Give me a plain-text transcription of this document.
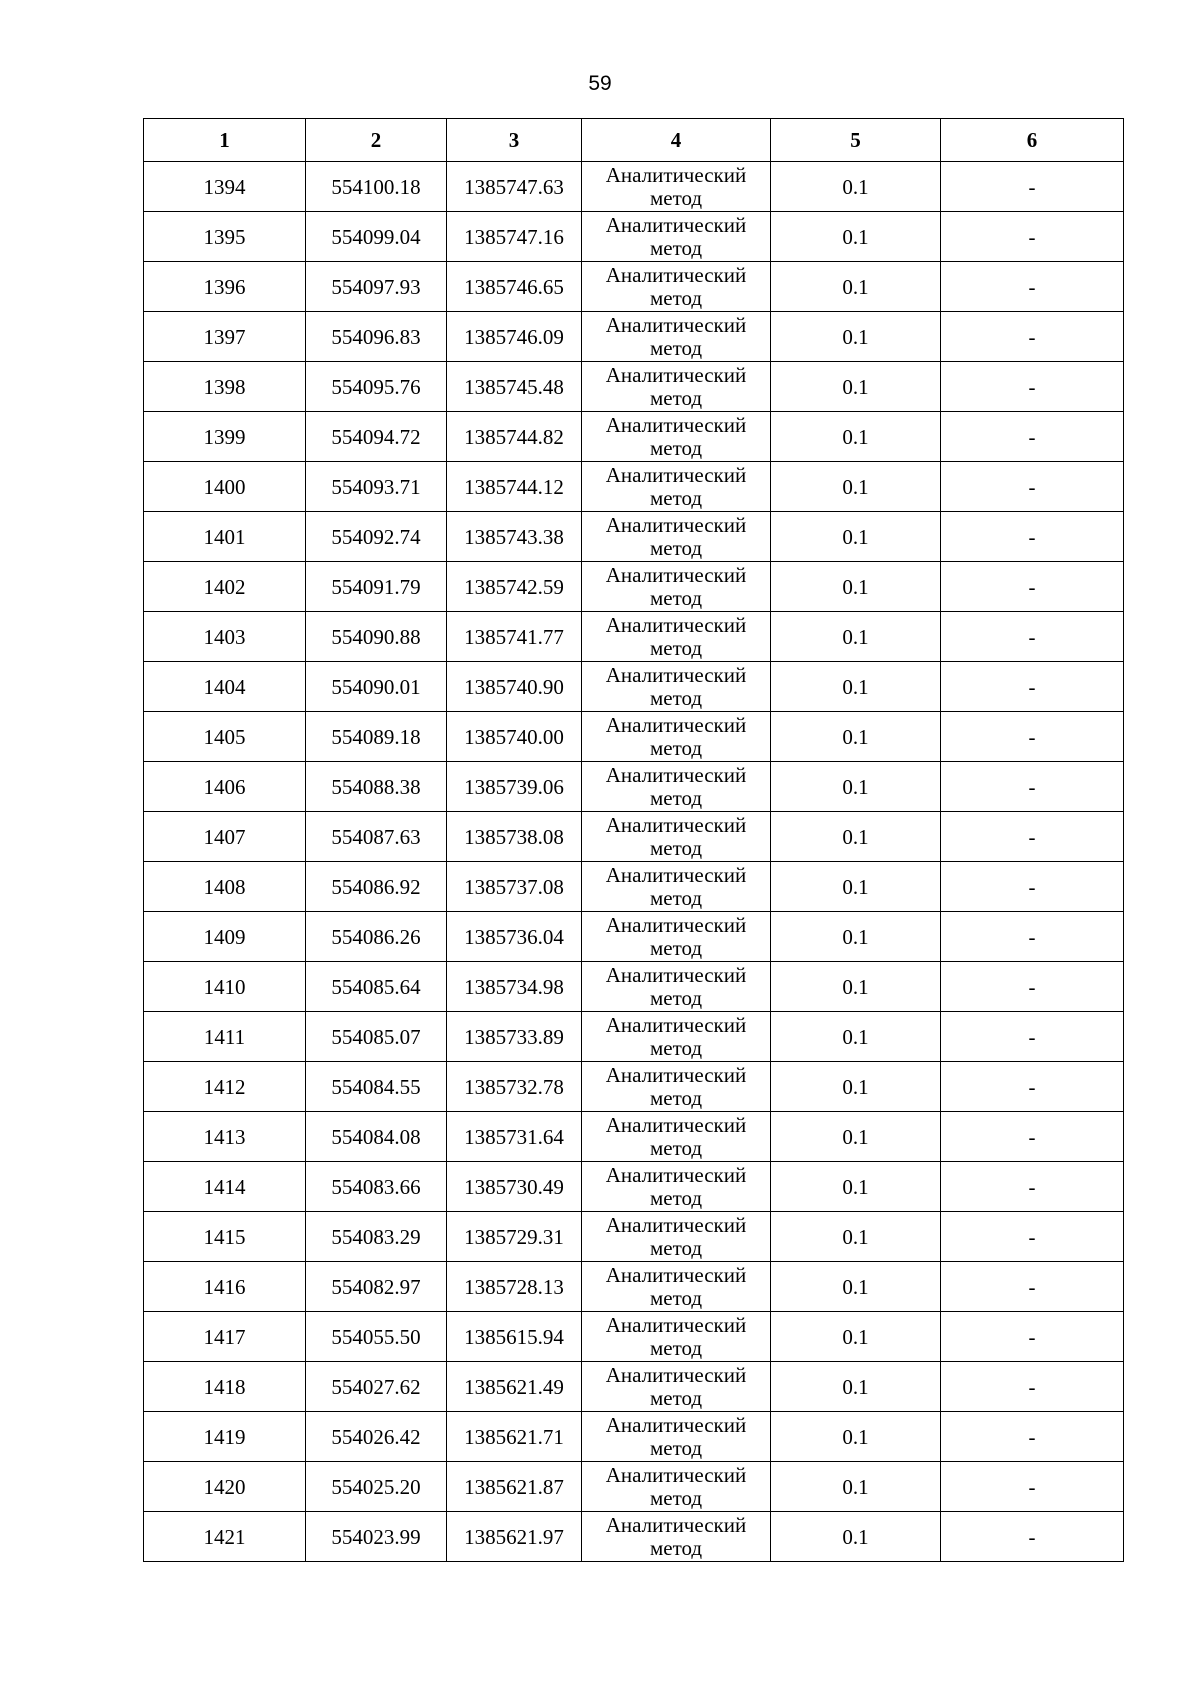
59
1	2	3	4	5	6
1394	554100.18	1385747.63	Аналитический метод	0.1	-
1395	554099.04	1385747.16	Аналитический метод	0.1	-
1396	554097.93	1385746.65	Аналитический метод	0.1	-
1397	554096.83	1385746.09	Аналитический метод	0.1	-
1398	554095.76	1385745.48	Аналитический метод	0.1	-
1399	554094.72	1385744.82	Аналитический метод	0.1	-
1400	554093.71	1385744.12	Аналитический метод	0.1	-
1401	554092.74	1385743.38	Аналитический метод	0.1	-
1402	554091.79	1385742.59	Аналитический метод	0.1	-
1403	554090.88	1385741.77	Аналитический метод	0.1	-
1404	554090.01	1385740.90	Аналитический метод	0.1	-
1405	554089.18	1385740.00	Аналитический метод	0.1	-
1406	554088.38	1385739.06	Аналитический метод	0.1	-
1407	554087.63	1385738.08	Аналитический метод	0.1	-
1408	554086.92	1385737.08	Аналитический метод	0.1	-
1409	554086.26	1385736.04	Аналитический метод	0.1	-
1410	554085.64	1385734.98	Аналитический метод	0.1	-
1411	554085.07	1385733.89	Аналитический метод	0.1	-
1412	554084.55	1385732.78	Аналитический метод	0.1	-
1413	554084.08	1385731.64	Аналитический метод	0.1	-
1414	554083.66	1385730.49	Аналитический метод	0.1	-
1415	554083.29	1385729.31	Аналитический метод	0.1	-
1416	554082.97	1385728.13	Аналитический метод	0.1	-
1417	554055.50	1385615.94	Аналитический метод	0.1	-
1418	554027.62	1385621.49	Аналитический метод	0.1	-
1419	554026.42	1385621.71	Аналитический метод	0.1	-
1420	554025.20	1385621.87	Аналитический метод	0.1	-
1421	554023.99	1385621.97	Аналитический метод	0.1	-
